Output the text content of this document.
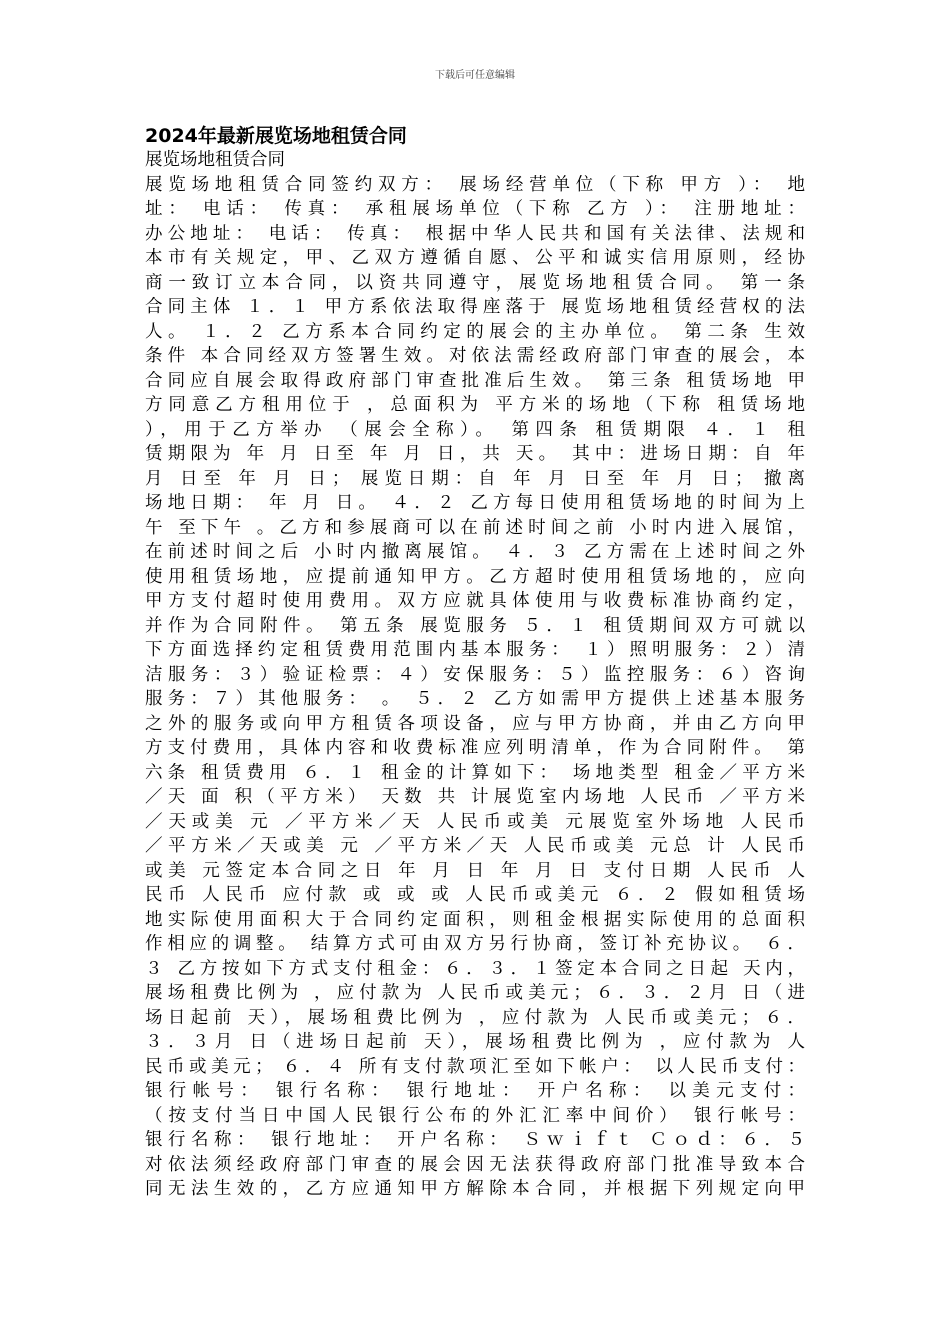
下载后可任意编辑
2024年最新展览场地租赁合同
展览场地租赁合同
展览场地租赁合同签约双方： 展场经营单位（下称 甲方 ）： 地
址： 电话： 传真： 承租展场单位（下称 乙方 ）： 注册地址：
办公地址： 电话： 传真： 根据中华人民共和国有关法律、法规和
本市有关规定，甲、乙双方遵循自愿、公平和诚实信用原则，经协
商一致订立本合同，以资共同遵守，展览场地租赁合同。 第一条
合同主体 １．１ 甲方系依法取得座落于 展览场地租赁经营权的法
人。 １．２ 乙方系本合同约定的展会的主办单位。 第二条 生效
条件 本合同经双方签署生效。对依法需经政府部门审查的展会，本
合同应自展会取得政府部门审查批准后生效。 第三条 租赁场地 甲
方同意乙方租用位于 ，总面积为 平方米的场地（下称 租赁场地
），用于乙方举办 （展会全称）。 第四条 租赁期限 ４．１ 租
赁期限为 年 月 日至 年 月 日，共 天。 其中：进场日期：自 年
月 日至 年 月 日； 展览日期：自 年 月 日至 年 月 日； 撤离
场地日期： 年 月 日。 ４．２ 乙方每日使用租赁场地的时间为上
午 至下午 。乙方和参展商可以在前述时间之前 小时内进入展馆，
在前述时间之后 小时内撤离展馆。 ４．３ 乙方需在上述时间之外
使用租赁场地，应提前通知甲方。乙方超时使用租赁场地的，应向
甲方支付超时使用费用。双方应就具体使用与收费标准协商约定，
并作为合同附件。 第五条 展览服务 ５．１ 租赁期间双方可就以
下方面选择约定租赁费用范围内基本服务： １）照明服务：２）清
洁服务：３）验证检票：４）安保服务：５）监控服务：６）咨询
服务：７）其他服务： 。 ５．２ 乙方如需甲方提供上述基本服务
之外的服务或向甲方租赁各项设备，应与甲方协商，并由乙方向甲
方支付费用，具体内容和收费标准应列明清单，作为合同附件。 第
六条 租赁费用 ６．１ 租金的计算如下： 场地类型 租金／平方米
／天 面 积（平方米） 天数 共 计展览室内场地 人民币 ／平方米
／天或美 元 ／平方米／天 人民币或美 元展览室外场地 人民币
／平方米／天或美 元 ／平方米／天 人民币或美 元总 计 人民币
或美 元签定本合同之日 年 月 日 年 月 日 支付日期 人民币 人
民币 人民币 应付款 或 或 或 人民币或美元 ６．２ 假如租赁场
地实际使用面积大于合同约定面积，则租金根据实际使用的总面积
作相应的调整。 结算方式可由双方另行协商，签订补充协议。 ６．
３ 乙方按如下方式支付租金：６．３．１签定本合同之日起 天内，
展场租费比例为 ，应付款为 人民币或美元；６．３．２月 日（进
场日起前 天），展场租费比例为 ，应付款为 人民币或美元；６．
３．３月 日（进场日起前 天），展场租费比例为 ，应付款为 人
民币或美元； ６．４ 所有支付款项汇至如下帐户： 以人民币支付：
银行帐号： 银行名称： 银行地址： 开户名称： 以美元支付：
（按支付当日中国人民银行公布的外汇汇率中间价） 银行帐号：
银行名称： 银行地址： 开户名称： Ｓｗｉｆｔ Ｃｏｄ：６．５
对依法须经政府部门审查的展会因无法获得政府部门批准导致本合
同无法生效的，乙方应通知甲方解除本合同，并根据下列规定向甲
